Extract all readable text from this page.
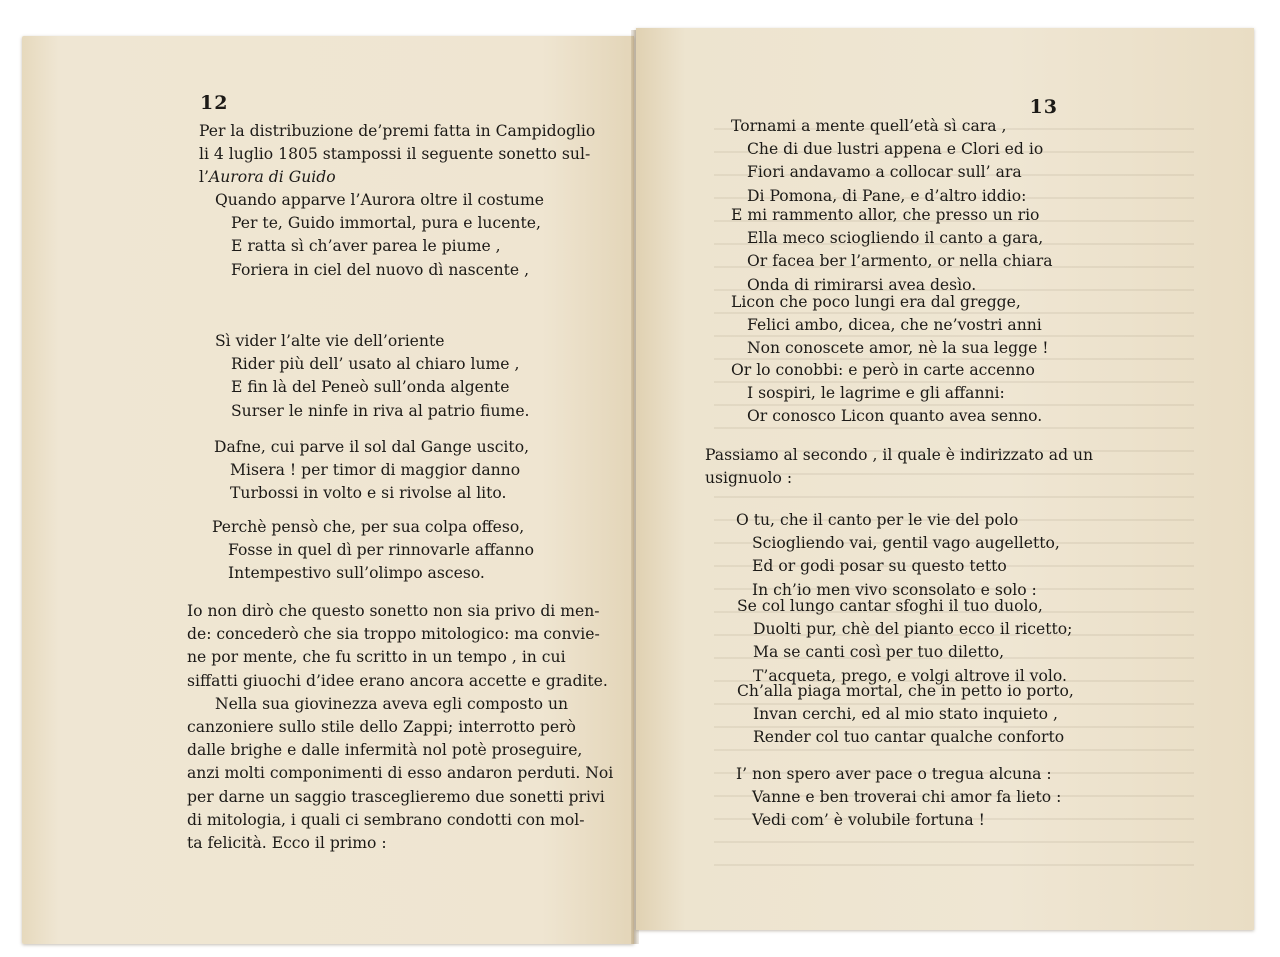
12
Per la distribuzione de’premi fatta in Campidoglio
li 4 luglio 1805 stampossi il seguente sonetto sul-
l’Aurora di Guido
Quando apparve l’Aurora oltre il costume
Per te, Guido immortal, pura e lucente,
E ratta sì ch’aver parea le piume ,
Foriera in ciel del nuovo dì nascente ,
Sì vider l’alte vie dell’oriente
Rider più dell’ usato al chiaro lume ,
E fin là del Peneò sull’onda algente
Surser le ninfe in riva al patrio fiume.
Dafne, cui parve il sol dal Gange uscito,
Misera ! per timor di maggior danno
Turbossi in volto e si rivolse al lito.
Perchè pensò che, per sua colpa offeso,
Fosse in quel dì per rinnovarle affanno
Intempestivo sull’olimpo asceso.
Io non dirò che questo sonetto non sia privo di men-
de: concederò che sia troppo mitologico: ma convie-
ne por mente, che fu scritto in un tempo , in cui
siffatti giuochi d’idee erano ancora accette e gradite.
Nella sua giovinezza aveva egli composto un
canzoniere sullo stile dello Zappi; interrotto però
dalle brighe e dalle infermità nol potè proseguire,
anzi molti componimenti di esso andaron perduti. Noi
per darne un saggio trasceglieremo due sonetti privi
di mitologia, i quali ci sembrano condotti con mol-
ta felicità. Ecco il primo :
13
Tornami a mente quell’età sì cara ,
Che di due lustri appena e Clori ed io
Fiori andavamo a collocar sull’ ara
Di Pomona, di Pane, e d’altro iddio:
E mi rammento allor, che presso un rio
Ella meco sciogliendo il canto a gara,
Or facea ber l’armento, or nella chiara
Onda di rimirarsi avea desìo.
Licon che poco lungi era dal gregge,
Felici ambo, dicea, che ne’vostri anni
Non conoscete amor, nè la sua legge !
Or lo conobbi: e però in carte accenno
I sospiri, le lagrime e gli affanni:
Or conosco Licon quanto avea senno.
Passiamo al secondo , il quale è indirizzato ad un
usignuolo :
O tu, che il canto per le vie del polo
Sciogliendo vai, gentil vago augelletto,
Ed or godi posar su questo tetto
In ch’io men vivo sconsolato e solo :
Se col lungo cantar sfoghi il tuo duolo,
Duolti pur, chè del pianto ecco il ricetto;
Ma se canti così per tuo diletto,
T’acqueta, prego, e volgi altrove il volo.
Ch’alla piaga mortal, che in petto io porto,
Invan cerchi, ed al mio stato inquieto ,
Render col tuo cantar qualche conforto
I’ non spero aver pace o tregua alcuna :
Vanne e ben troverai chi amor fa lieto :
Vedi com’ è volubile fortuna !
